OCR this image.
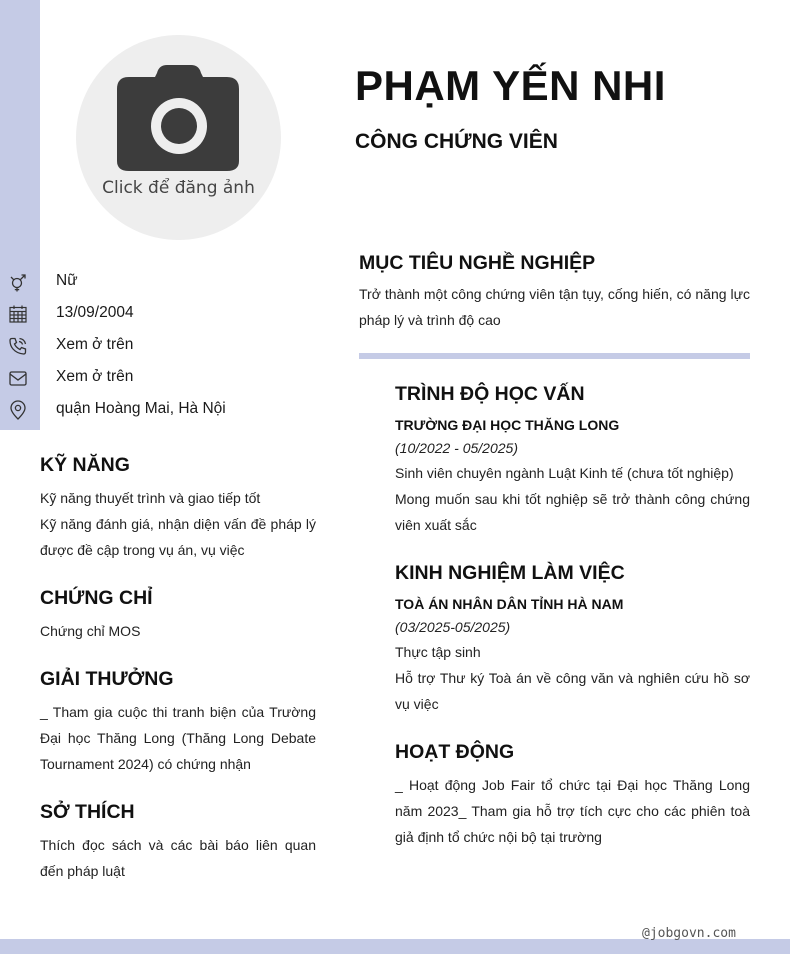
Click để đăng ảnh
PHẠM YẾN NHI
CÔNG CHỨNG VIÊN
Nữ
13/09/2004
Xem ở trên
Xem ở trên
quận Hoàng Mai, Hà Nội
KỸ NĂNG
Kỹ năng thuyết trình và giao tiếp tốt
Kỹ năng đánh giá, nhận diện vấn đề pháp lý được đề cập trong vụ án, vụ việc
CHỨNG CHỈ
Chứng chỉ MOS
GIẢI THƯỞNG
_ Tham gia cuộc thi tranh biện của Trường Đại học Thăng Long (Thăng Long Debate Tournament 2024) có chứng nhận
SỞ THÍCH
Thích đọc sách và các bài báo liên quan đến pháp luật
MỤC TIÊU NGHỀ NGHIỆP
Trở thành một công chứng viên tận tụy, cống hiến, có năng lực pháp lý và trình độ cao
TRÌNH ĐỘ HỌC VẤN
TRƯỜNG ĐẠI HỌC THĂNG LONG
(10/2022 - 05/2025)
Sinh viên chuyên ngành Luật Kinh tế (chưa tốt nghiệp)
Mong muốn sau khi tốt nghiệp sẽ trở thành công chứng viên xuất sắc
KINH NGHIỆM LÀM VIỆC
TOÀ ÁN NHÂN DÂN TỈNH HÀ NAM
(03/2025-05/2025)
Thực tập sinh
Hỗ trợ Thư ký Toà án về công văn và nghiên cứu hồ sơ vụ việc
HOẠT ĐỘNG
_ Hoạt động Job Fair tổ chức tại Đại học Thăng Long năm 2023_ Tham gia hỗ trợ tích cực cho các phiên toà giả định tổ chức nội bộ tại trường
@jobgovn.com
